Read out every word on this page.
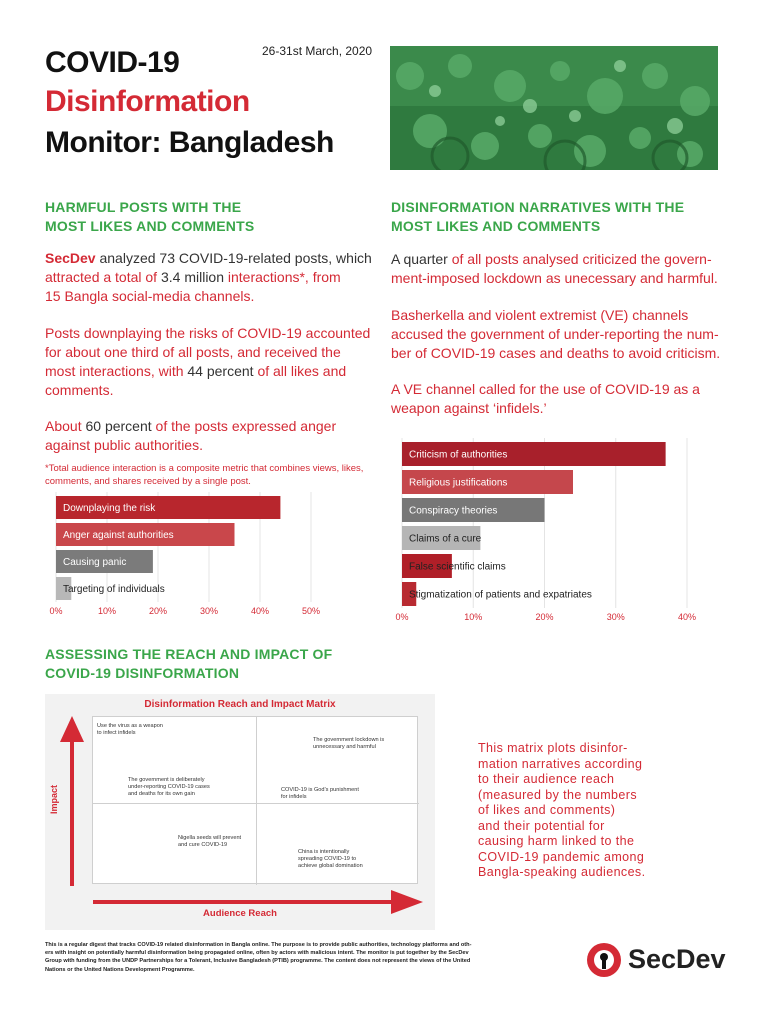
COVID-19
Disinformation
Monitor: Bangladesh
26-31st March, 2020
HARMFUL POSTS WITH THE
MOST LIKES AND COMMENTS
SecDev analyzed 73 COVID-19-related posts, which
attracted a total of 3.4 million interactions*, from
15 Bangla social-media channels.
Posts downplaying the risks of COVID-19 accounted
for about one third of all posts, and received the
most interactions, with 44 percent of all likes and
comments.
About 60 percent of the posts expressed anger
against public authorities.
*Total audience interaction is a composite metric that combines views, likes,
comments, and shares received by a single post.
0%	10%	20%	30%	40%	50%
Downplaying the risk
Anger against authorities
Causing panic
Targeting of individuals
DISINFORMATION NARRATIVES WITH THE
MOST LIKES AND COMMENTS
A quarter of all posts analysed criticized the govern-
ment-imposed lockdown as unecessary and harmful.
Basherkella and violent extremist (VE) channels
accused the government of under-reporting the num-
ber of COVID-19 cases and deaths to avoid criticism.
A VE channel called for the use of COVID-19 as a
weapon against ‘infidels.’
0%	10%	20%	30%	40%
Criticism of authorities
Religious justifications
Conspiracy theories
Claims of a cure
False scientific claims
Stigmatization of patients and expatriates
ASSESSING THE REACH AND IMPACT OF
COVID-19 DISINFORMATION
Disinformation Reach and Impact Matrix
Use the virus as a weapon
to infect infidels
The government lockdown is
unnecessary and harmful
The government is deliberately
under-reporting COVID-19 cases
and deaths for its own gain
COVID-19 is God’s punishment
for infidels
Nigella seeds will prevent
and cure COVID-19
China is intentionally
spreading COVID-19 to
achieve global domination
Impact
Audience Reach
This matrix plots disinfor-
mation narratives according
to their audience reach
(measured by the numbers
of likes and comments)
and their potential for
causing harm linked to the
COVID-19 pandemic among
Bangla-speaking audiences.
This is a regular digest that tracks COVID-19 related disinformation in Bangla online. The purpose is to provide public authorities, technology platforms and oth-
ers with insight on potentially harmful disinformation being propagated online, often by actors with malicious intent. The monitor is put together by the SecDev
Group with funding from the UNDP Partnerships for a Tolerant, Inclusive Bangladesh (PTIB) programme. The content does not represent the views of the United
Nations or the United Nations Development Programme.	SecDev
